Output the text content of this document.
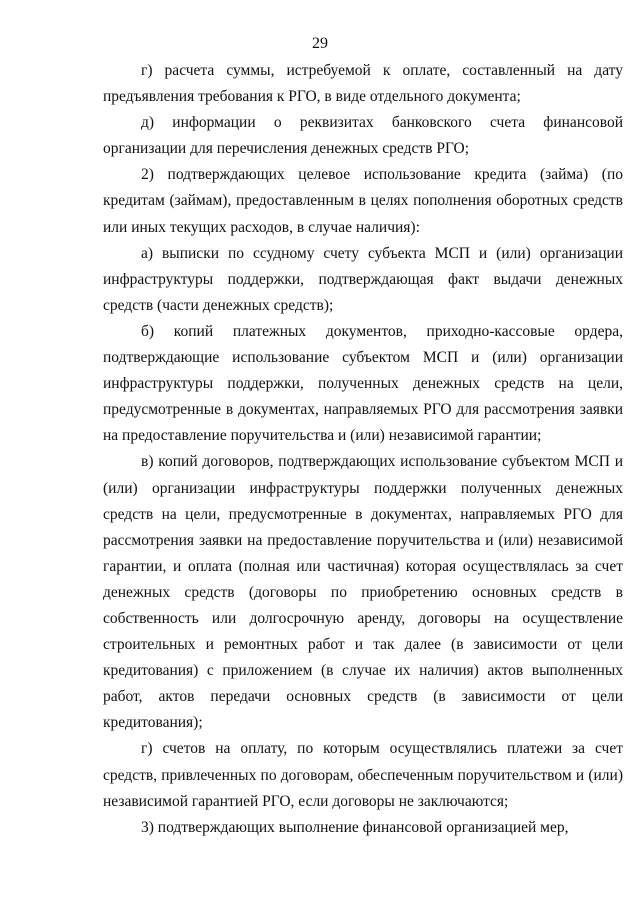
29

г) расчета суммы, истребуемой к оплате, составленный на дату предъявления требования к РГО, в виде отдельного документа;

д) информации о реквизитах банковского счета финансовой организации для перечисления денежных средств РГО;

2) подтверждающих целевое использование кредита (займа) (по кредитам (займам), предоставленным в целях пополнения оборотных средств или иных текущих расходов, в случае наличия):

а) выписки по ссудному счету субъекта МСП и (или) организации инфраструктуры поддержки, подтверждающая факт выдачи денежных средств (части денежных средств);

б) копий платежных документов, приходно-кассовые ордера, подтверждающие использование субъектом МСП и (или) организации инфраструктуры поддержки, полученных денежных средств на цели, предусмотренные в документах, направляемых РГО для рассмотрения заявки на предоставление поручительства и (или) независимой гарантии;

в) копий договоров, подтверждающих использование субъектом МСП и (или) организации инфраструктуры поддержки полученных денежных средств на цели, предусмотренные в документах, направляемых РГО для рассмотрения заявки на предоставление поручительства и (или) независимой гарантии, и оплата (полная или частичная) которая осуществлялась за счет денежных средств (договоры по приобретению основных средств в собственность или долгосрочную аренду, договоры на осуществление строительных и ремонтных работ и так далее (в зависимости от цели кредитования) с приложением (в случае их наличия) актов выполненных работ, актов передачи основных средств (в зависимости от цели кредитования);

г) счетов на оплату, по которым осуществлялись платежи за счет средств, привлеченных по договорам, обеспеченным поручительством и (или) независимой гарантией РГО, если договоры не заключаются;

3) подтверждающих выполнение финансовой организацией мер,
